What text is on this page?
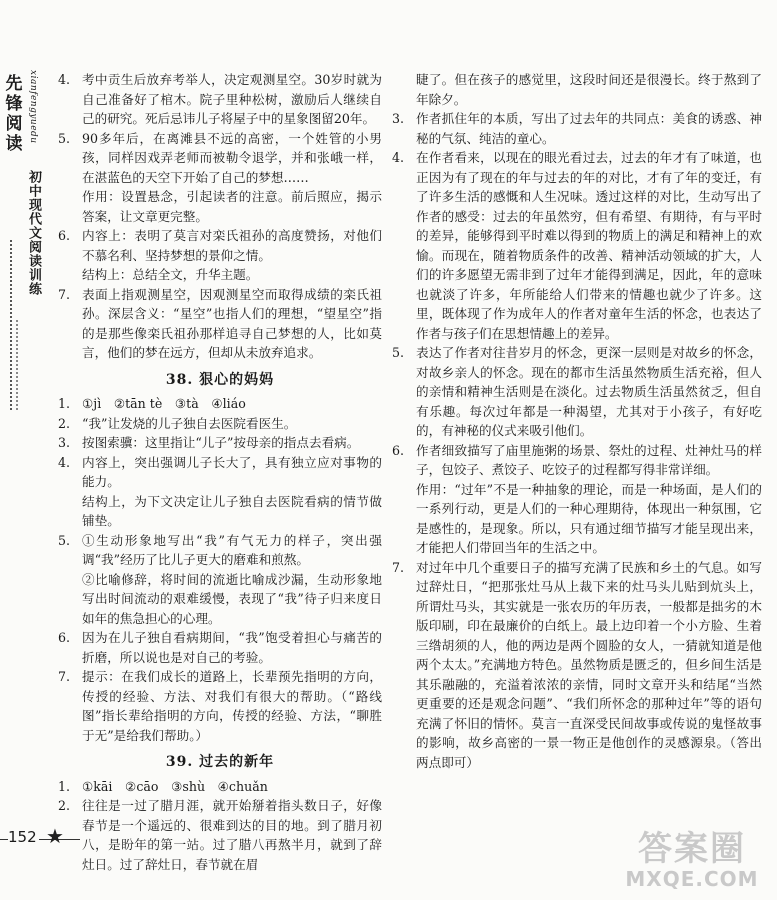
先锋阅读
xianfengyuedu
初中现代文阅读训练
4. 考中贡生后放弃考举人，决定观测星空。30岁时就为自己准备好了棺木。院子里种松树，激励后人继续自己的研究。死后忌讳儿子将屋子中的星象图留20年。
5. 90多年后，在离滩县不远的高密，一个姓管的小男孩，同样因戏弄老师而被勒令退学，并和张峨一样，在湛蓝色的天空下开始了自己的梦想……
作用：设置悬念，引起读者的注意。前后照应，揭示答案，让文章更完整。
6. 内容上：表明了莫言对栾氏祖孙的高度赞扬，对他们不慕名利、坚持梦想的景仰之情。
结构上：总结全文，升华主题。
7. 表面上指观测星空，因观测星空而取得成绩的栾氏祖孙。深层含义：“星空”也指人们的理想，“望星空”指的是那些像栾氏祖孙那样追寻自己梦想的人，比如莫言，他们的梦在远方，但却从未放弃追求。
38. 狠心的妈妈
1. ①jì　②tān tè　③tà　④liáo
2. “我”让发烧的儿子独自去医院看医生。
3. 按图索骥：这里指让“儿子”按母亲的指点去看病。
4. 内容上，突出强调儿子长大了，具有独立应对事物的能力。
结构上，为下文决定让儿子独自去医院看病的情节做铺垫。
5. ①生动形象地写出“我”有气无力的样子，突出强调“我”经历了比儿子更大的磨难和煎熬。
②比喻修辞，将时间的流逝比喻成沙漏，生动形象地写出时间流动的艰难缓慢，表现了“我”待子归来度日如年的焦急担心的心理。
6. 因为在儿子独自看病期间，“我”饱受着担心与痛苦的折磨，所以说也是对自己的考验。
7. 提示：在我们成长的道路上，长辈预先指明的方向，传授的经验、方法、对我们有很大的帮助。（“路线图”指长辈给指明的方向，传授的经验、方法，“聊胜于无”是给我们帮助。）
39. 过去的新年
1. ①kāi　②cāo　③shù　④chuǎn
2. 往往是一过了腊月涯，就开始掰着指头数日子，好像春节是一个遥远的、很难到达的目的地。到了腊月初八，是盼年的第一站。过了腊八再熬半月，就到了辞灶日。过了辞灶日，春节就在眉
睫了。但在孩子的感觉里，这段时间还是很漫长。终于熬到了年除夕。
3. 作者抓住年的本质，写出了过去年的共同点：美食的诱惑、神秘的气氛、纯洁的童心。
4. 在作者看来，以现在的眼光看过去，过去的年才有了味道，也正因为有了现在的年与过去的年的对比，才有了年的变迁，有了许多生活的感慨和人生况味。透过这样的对比，生动写出了作者的感受：过去的年虽然穷，但有希望、有期待，有与平时的差异，能够得到平时难以得到的物质上的满足和精神上的欢愉。而现在，随着物质条件的改善、精神活动领域的扩大，人们的许多愿望无需非到了过年才能得到满足，因此，年的意味也就淡了许多，年所能给人们带来的情趣也就少了许多。这里，既体现了作为成年人的作者对童年生活的怀念，也表达了作者与孩子们在思想情趣上的差异。
5. 表达了作者对往昔岁月的怀念，更深一层则是对故乡的怀念，对故乡亲人的怀念。现在的都市生活虽然物质生活充裕，但人的亲情和精神生活则是在淡化。过去物质生活虽然贫乏，但自有乐趣。每次过年都是一种渴望，尤其对于小孩子，有好吃的，有神秘的仪式来吸引他们。
6. 作者细致描写了庙里施粥的场景、祭灶的过程、灶神灶马的样子，包饺子、煮饺子、吃饺子的过程都写得非常详细。
作用：“过年”不是一种抽象的理论，而是一种场面，是人们的一系列行动，更是人们的一种心理期待，体现出一种氛围，它是感性的，是现象。所以，只有通过细节描写才能呈现出来，才能把人们带回当年的生活之中。
7. 对过年中几个重要日子的描写充满了民族和乡土的气息。如写过辞灶日，“把那张灶马从上裁下来的灶马头儿贴到炕头上，所谓灶马头，其实就是一张农历的年历表，一般都是拙劣的木版印刷，印在最廉价的白纸上。最上边印着一个小方脸、生着三绺胡须的人，他的两边是两个圆脸的女人，一猜就知道是他两个太太。”充满地方特色。虽然物质是匮乏的，但乡间生活是其乐融融的，充溢着浓浓的亲情，同时文章开头和结尾“当然更重要的还是观念问题”、“我们所怀念的那种过年”等的语句充满了怀旧的情怀。莫言一直深受民间故事或传说的鬼怪故事的影响，故乡高密的一景一物正是他创作的灵感源泉。（答出两点即可）
152 ★	答案圈
MXQE.COM
